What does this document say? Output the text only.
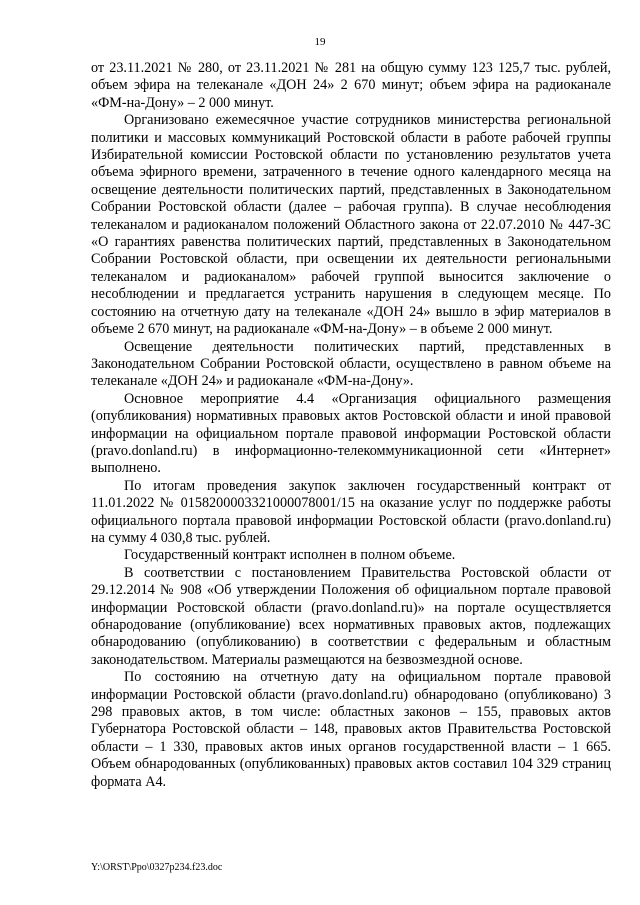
19

от 23.11.2021 № 280, от 23.11.2021 № 281 на общую сумму 123 125,7 тыс. рублей, объем эфира на телеканале «ДОН 24» 2 670 минут; объем эфира на радиоканале «ФМ-на-Дону» – 2 000 минут.

Организовано ежемесячное участие сотрудников министерства региональной политики и массовых коммуникаций Ростовской области в работе рабочей группы Избирательной комиссии Ростовской области по установлению результатов учета объема эфирного времени, затраченного в течение одного календарного месяца на освещение деятельности политических партий, представленных в Законодательном Собрании Ростовской области (далее – рабочая группа). В случае несоблюдения телеканалом и радиоканалом положений Областного закона от 22.07.2010 № 447-ЗС «О гарантиях равенства политических партий, представленных в Законодательном Собрании Ростовской области, при освещении их деятельности региональными телеканалом и радиоканалом» рабочей группой выносится заключение о несоблюдении и предлагается устранить нарушения в следующем месяце. По состоянию на отчетную дату на телеканале «ДОН 24» вышло в эфир материалов в объеме 2 670 минут, на радиоканале «ФМ-на-Дону» – в объеме 2 000 минут.

Освещение деятельности политических партий, представленных в Законодательном Собрании Ростовской области, осуществлено в равном объеме на телеканале «ДОН 24» и радиоканале «ФМ-на-Дону».

Основное мероприятие 4.4 «Организация официального размещения (опубликования) нормативных правовых актов Ростовской области и иной правовой информации на официальном портале правовой информации Ростовской области (pravo.donland.ru) в информационно-телекоммуникационной сети «Интернет» выполнено.

По итогам проведения закупок заключен государственный контракт от 11.01.2022 № 0158200003321000078001/15 на оказание услуг по поддержке работы официального портала правовой информации Ростовской области (pravo.donland.ru) на сумму 4 030,8 тыс. рублей.

Государственный контракт исполнен в полном объеме.

В соответствии с постановлением Правительства Ростовской области от 29.12.2014 № 908 «Об утверждении Положения об официальном портале правовой информации Ростовской области (pravo.donland.ru)» на портале осуществляется обнародование (опубликование) всех нормативных правовых актов, подлежащих обнародованию (опубликованию) в соответствии с федеральным и областным законодательством. Материалы размещаются на безвозмездной основе.

По состоянию на отчетную дату на официальном портале правовой информации Ростовской области (pravo.donland.ru) обнародовано (опубликовано) 3 298 правовых актов, в том числе: областных законов – 155, правовых актов Губернатора Ростовской области – 148, правовых актов Правительства Ростовской области – 1 330, правовых актов иных органов государственной власти – 1 665. Объем обнародованных (опубликованных) правовых актов составил 104 329 страниц формата А4.

Y:\ORST\Ppo\0327p234.f23.doc
